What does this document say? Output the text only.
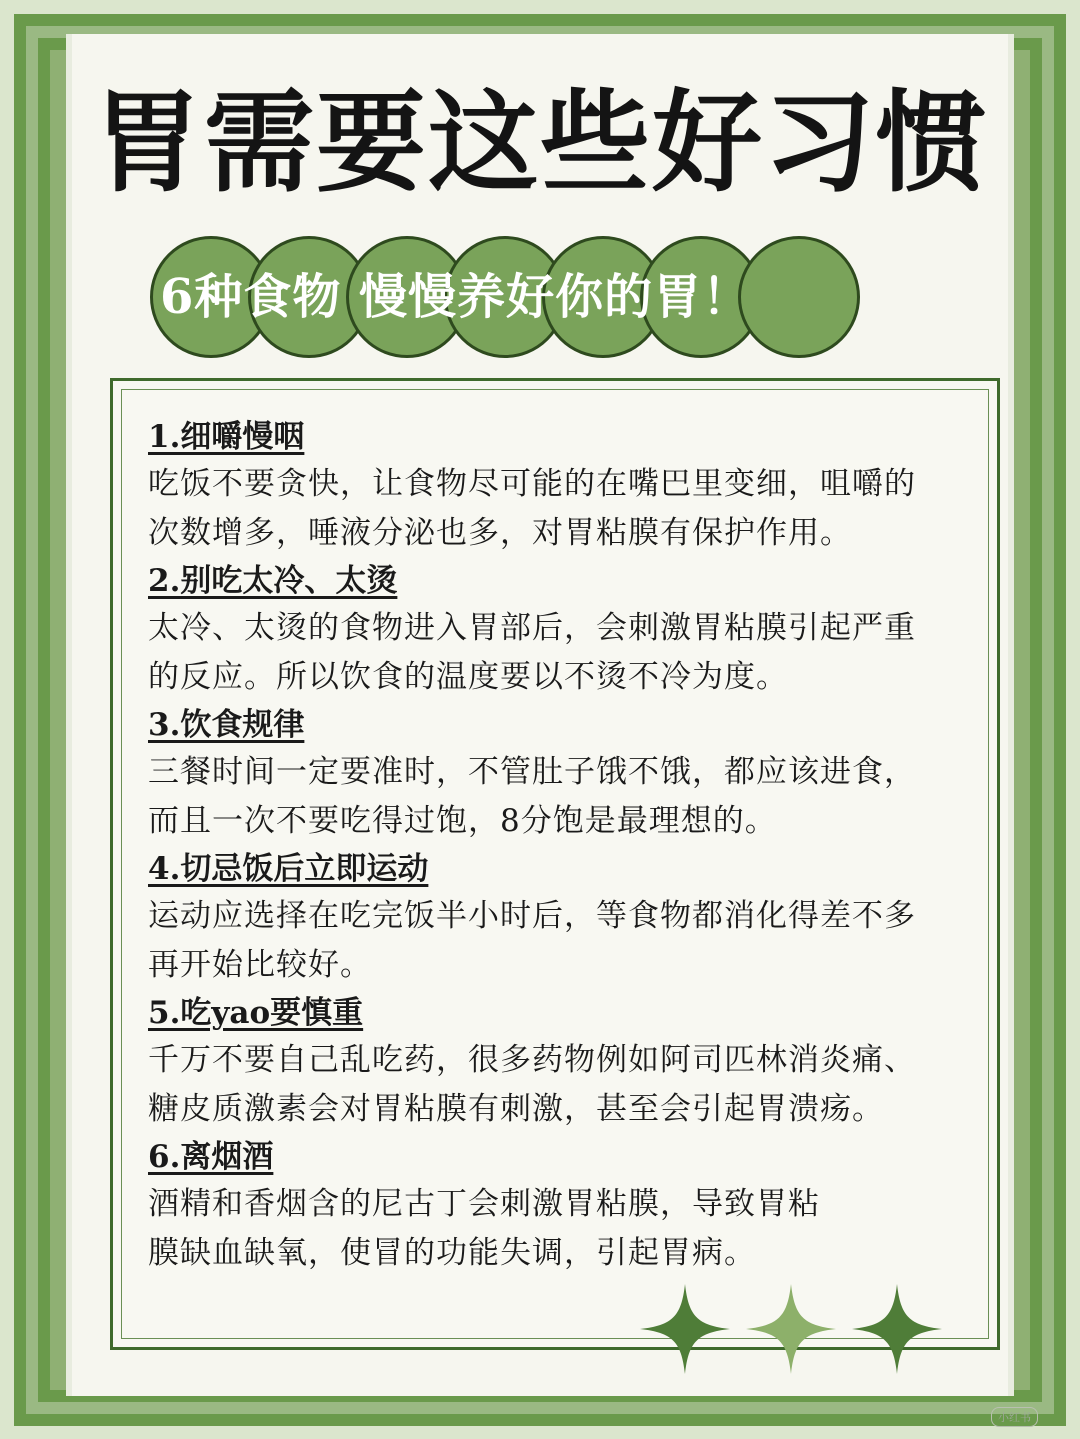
胃需要这些好习惯
6种食物 慢慢养好你的胃！
1.细嚼慢咽
吃饭不要贪快，让食物尽可能的在嘴巴里变细，咀嚼的
次数增多，唾液分泌也多，对胃粘膜有保护作用。
2.别吃太冷、太烫
太冷、太烫的食物进入胃部后，会刺激胃粘膜引起严重
的反应。所以饮食的温度要以不烫不冷为度。
3.饮食规律
三餐时间一定要准时，不管肚子饿不饿，都应该进食，
而且一次不要吃得过饱，8分饱是最理想的。
4.切忌饭后立即运动
运动应选择在吃完饭半小时后，等食物都消化得差不多
再开始比较好。
5.吃yao要慎重
千万不要自己乱吃药，很多药物例如阿司匹林消炎痛、
糖皮质激素会对胃粘膜有刺激，甚至会引起胃溃疡。
6.离烟酒
酒精和香烟含的尼古丁会刺激胃粘膜，导致胃粘
膜缺血缺氧，使冒的功能失调，引起胃病。
小红书
